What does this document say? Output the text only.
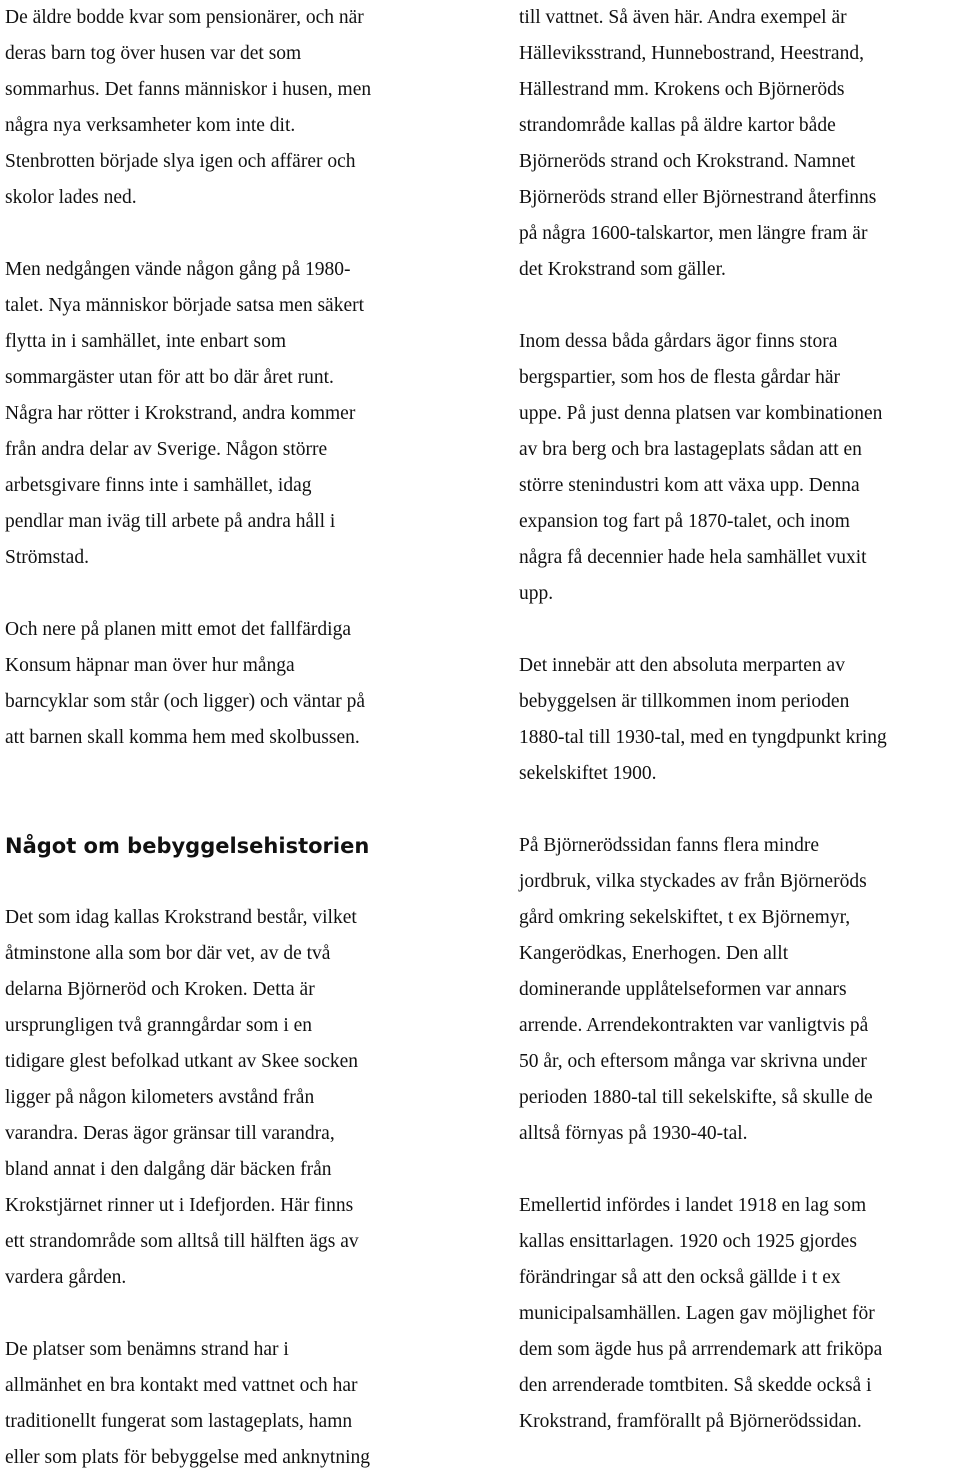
De äldre bodde kvar som pensionärer, och när
deras barn tog över husen var det som
sommarhus. Det fanns människor i husen, men
några nya verksamheter kom inte dit.
Stenbrotten började slya igen och affärer och
skolor lades ned.

Men nedgången vände någon gång på 1980-
talet. Nya människor började satsa men säkert
flytta in i samhället, inte enbart som
sommargäster utan för att bo där året runt.
Några har rötter i Krokstrand, andra kommer
från andra delar av Sverige. Någon större
arbetsgivare finns inte i samhället, idag
pendlar man iväg till arbete på andra håll i
Strömstad.

Och nere på planen mitt emot det fallfärdiga
Konsum häpnar man över hur många
barncyklar som står (och ligger) och väntar på
att barnen skall komma hem med skolbussen.

Något om bebyggelsehistorien

Det som idag kallas Krokstrand består, vilket
åtminstone alla som bor där vet, av de två
delarna Björneröd och Kroken. Detta är
ursprungligen två granngårdar som i en
tidigare glest befolkad utkant av Skee socken
ligger på någon kilometers avstånd från
varandra. Deras ägor gränsar till varandra,
bland annat i den dalgång där bäcken från
Krokstjärnet rinner ut i Idefjorden. Här finns
ett strandområde som alltså till hälften ägs av
vardera gården.

De platser som benämns strand har i
allmänhet en bra kontakt med vattnet och har
traditionellt fungerat som lastageplats, hamn
eller som plats för bebyggelse med anknytning

till vattnet. Så även här. Andra exempel är
Hälleviksstrand, Hunnebostrand, Heestrand,
Hällestrand mm. Krokens och Björneröds
strandområde kallas på äldre kartor både
Björneröds strand och Krokstrand. Namnet
Björneröds strand eller Björnestrand återfinns
på några 1600-talskartor, men längre fram är
det Krokstrand som gäller.

Inom dessa båda gårdars ägor finns stora
bergspartier, som hos de flesta gårdar här
uppe. På just denna platsen var kombinationen
av bra berg och bra lastageplats sådan att en
större stenindustri kom att växa upp. Denna
expansion tog fart på 1870-talet, och inom
några få decennier hade hela samhället vuxit
upp.

Det innebär att den absoluta merparten av
bebyggelsen är tillkommen inom perioden
1880-tal till 1930-tal, med en tyngdpunkt kring
sekelskiftet 1900.

På Björnerödssidan fanns flera mindre
jordbruk, vilka styckades av från Björneröds
gård omkring sekelskiftet, t ex Björnemyr,
Kangerödkas, Enerhogen. Den allt
dominerande upplåtelseformen var annars
arrende. Arrendekontrakten var vanligtvis på
50 år, och eftersom många var skrivna under
perioden 1880-tal till sekelskifte, så skulle de
alltså förnyas på 1930-40-tal.

Emellertid infördes i landet 1918 en lag som
kallas ensittarlagen. 1920 och 1925 gjordes
förändringar så att den också gällde i t ex
municipalsamhällen. Lagen gav möjlighet för
dem som ägde hus på arrrendemark att friköpa
den arrenderade tomtbiten. Så skedde också i
Krokstrand, framförallt på Björnerödssidan.
